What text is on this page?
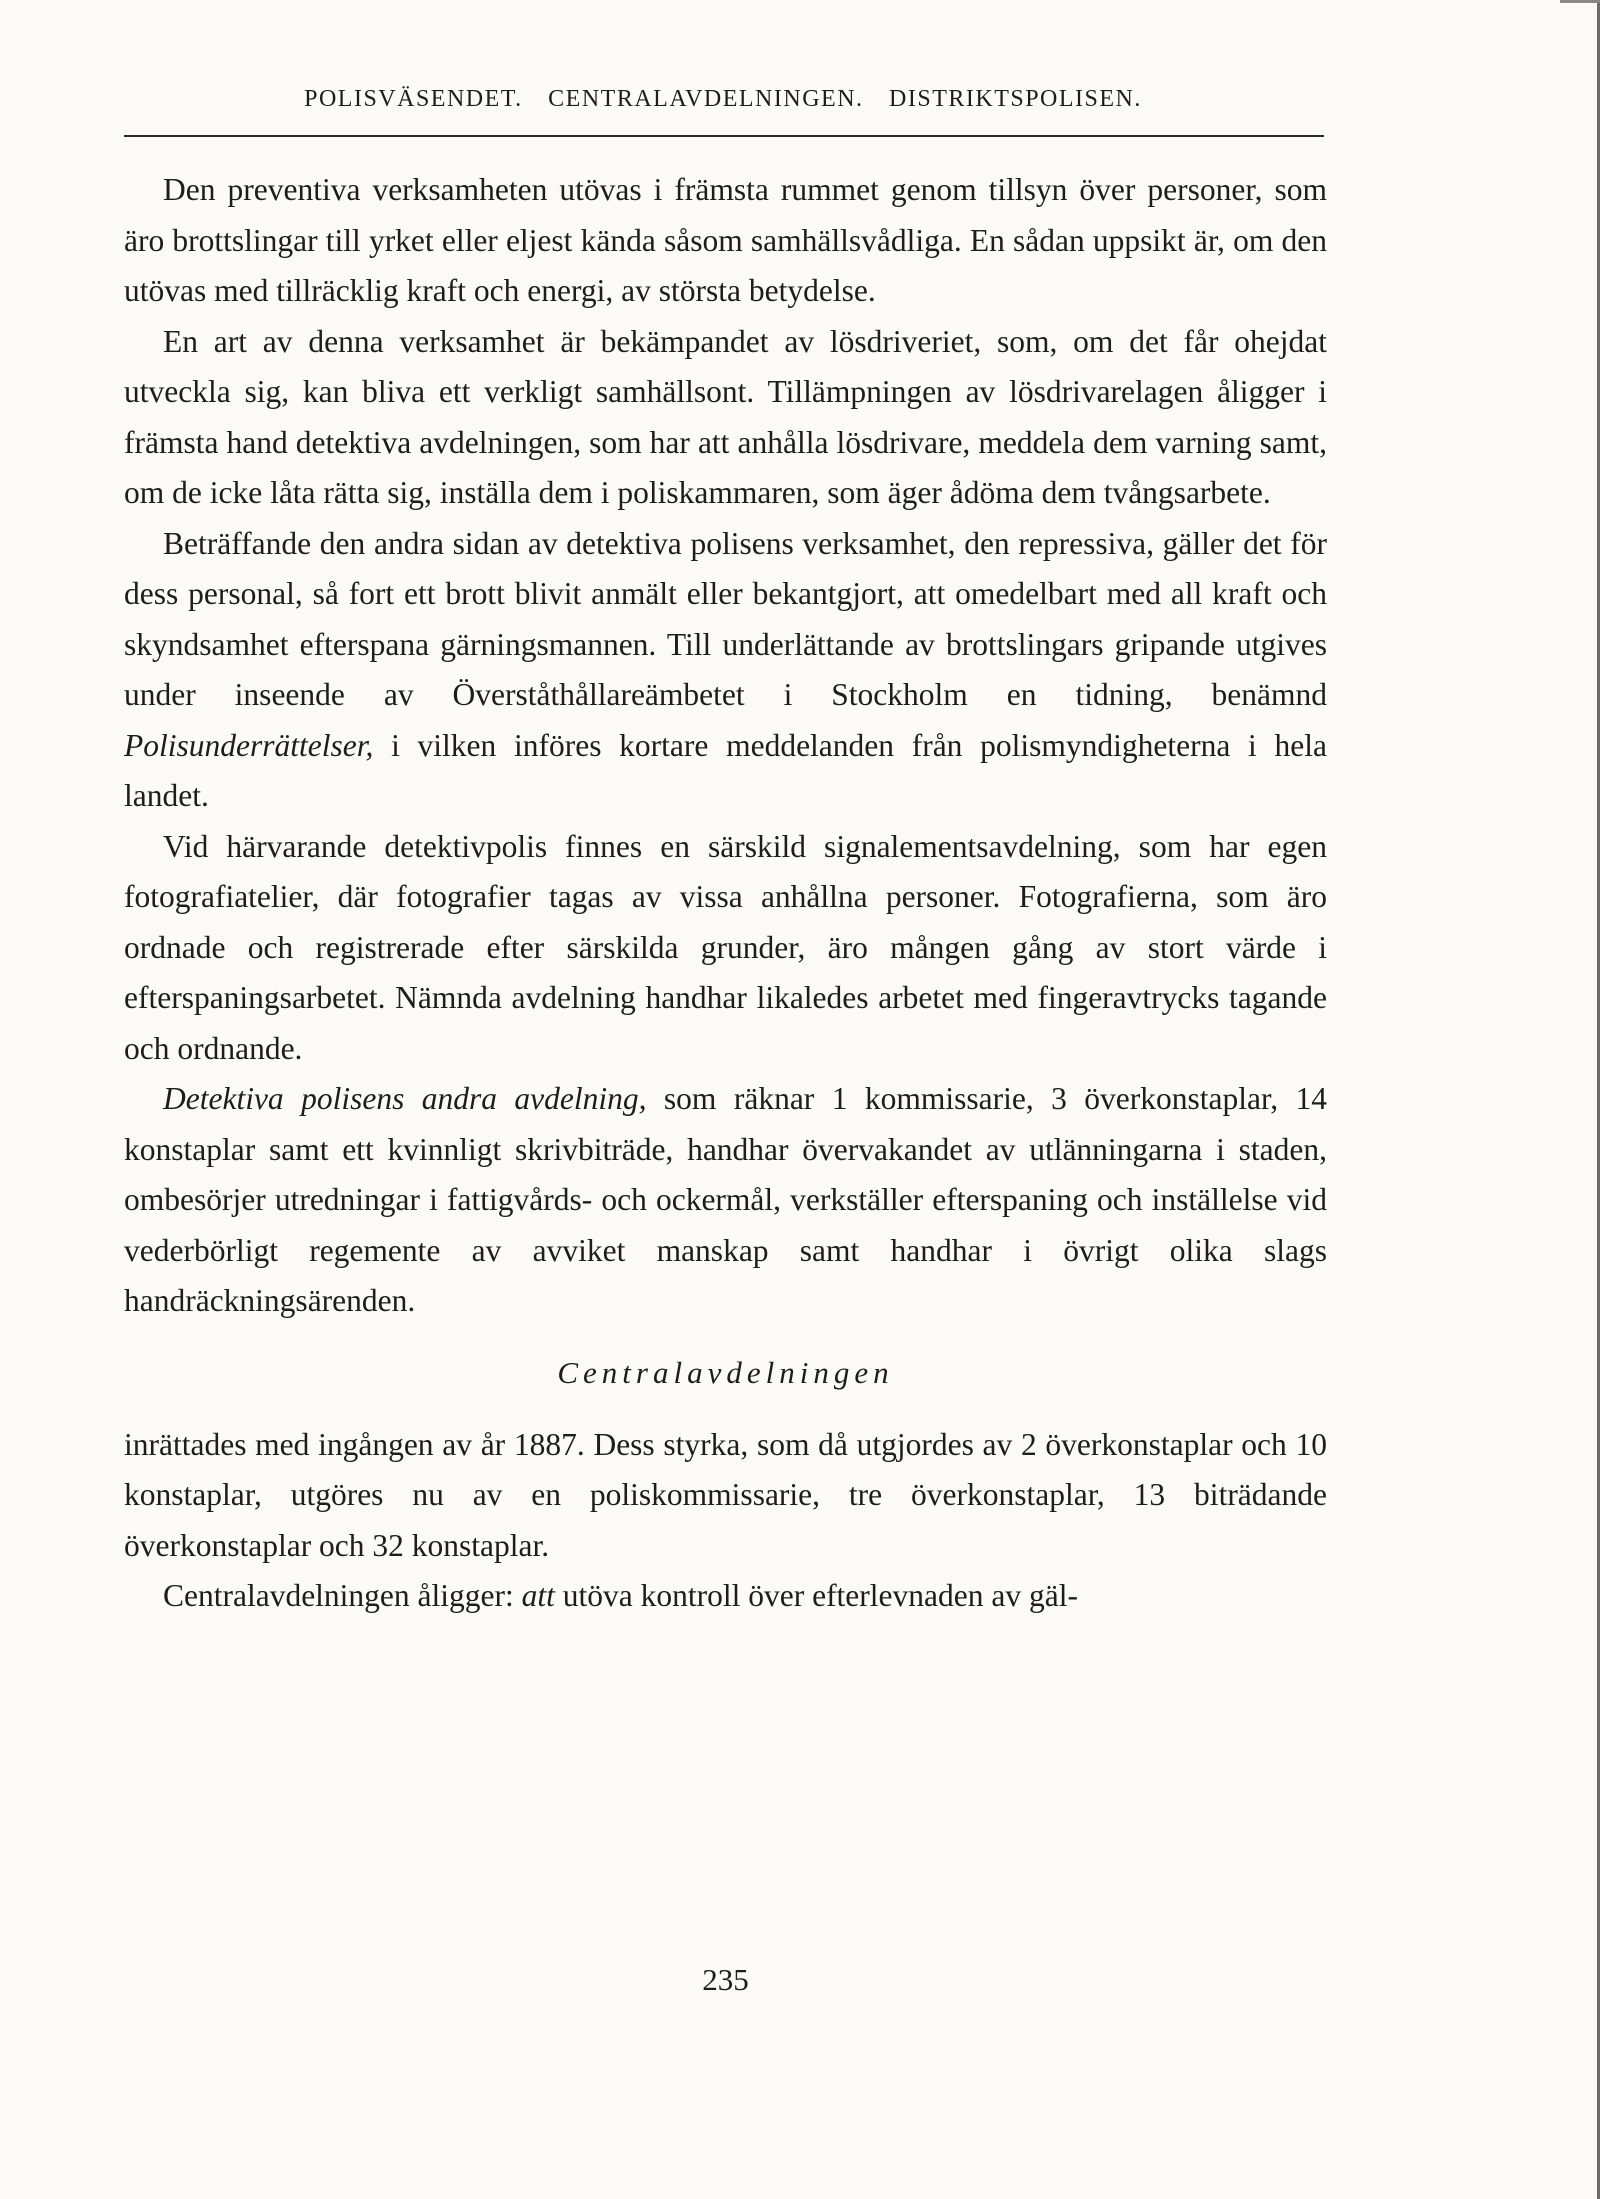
POLISVÄSENDET. CENTRALAVDELNINGEN. DISTRIKTSPOLISEN.

Den preventiva verksamheten utövas i främsta rummet genom tillsyn över personer, som äro brottslingar till yrket eller eljest kända såsom samhällsvådliga. En sådan uppsikt är, om den utövas med tillräcklig kraft och energi, av största betydelse.

En art av denna verksamhet är bekämpandet av lösdriveriet, som, om det får ohejdat utveckla sig, kan bliva ett verkligt samhällsont. Tillämpningen av lösdrivarelagen åligger i främsta hand detektiva avdelningen, som har att anhålla lösdrivare, meddela dem varning samt, om de icke låta rätta sig, inställa dem i poliskammaren, som äger ådöma dem tvångsarbete.

Beträffande den andra sidan av detektiva polisens verksamhet, den repressiva, gäller det för dess personal, så fort ett brott blivit anmält eller bekantgjort, att omedelbart med all kraft och skyndsamhet efterspana gärningsmannen. Till underlättande av brottslingars gripande utgives under inseende av Överståthållareämbetet i Stockholm en tidning, benämnd Polisunderrättelser, i vilken införes kortare meddelanden från polismyndigheterna i hela landet.

Vid härvarande detektivpolis finnes en särskild signalementsavdelning, som har egen fotografiatelier, där fotografier tagas av vissa anhållna personer. Fotografierna, som äro ordnade och registrerade efter särskilda grunder, äro mången gång av stort värde i efterspaningsarbetet. Nämnda avdelning handhar likaledes arbetet med fingeravtrycks tagande och ordnande.

Detektiva polisens andra avdelning, som räknar 1 kommissarie, 3 överkonstaplar, 14 konstaplar samt ett kvinnligt skrivbiträde, handhar övervakandet av utlänningarna i staden, ombesörjer utredningar i fattigvårds- och ockermål, verkställer efterspaning och inställelse vid vederbörligt regemente av avviket manskap samt handhar i övrigt olika slags handräckningsärenden.

Centralavdelningen

inrättades med ingången av år 1887. Dess styrka, som då utgjordes av 2 överkonstaplar och 10 konstaplar, utgöres nu av en poliskommissarie, tre överkonstaplar, 13 biträdande överkonstaplar och 32 konstaplar.

Centralavdelningen åligger: att utöva kontroll över efterlevnaden av gäl-

235
